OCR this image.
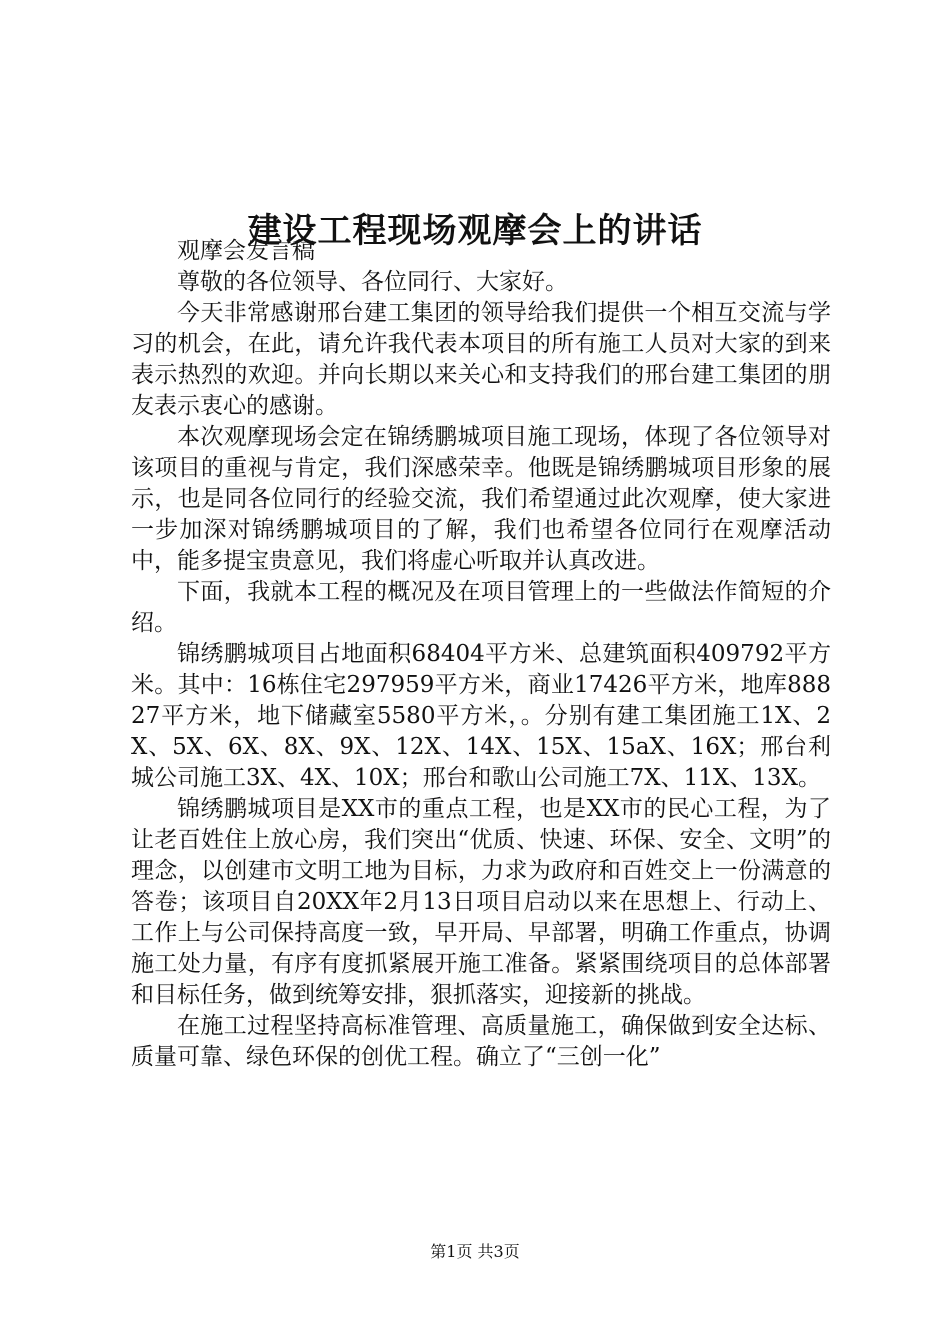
建设工程现场观摩会上的讲话

观摩会发言稿

尊敬的各位领导、各位同行、大家好。

今天非常感谢邢台建工集团的领导给我们提供一个相互交流与学习的机会，在此，请允许我代表本项目的所有施工人员对大家的到来表示热烈的欢迎。并向长期以来关心和支持我们的邢台建工集团的朋友表示衷心的感谢。

本次观摩现场会定在锦绣鹏城项目施工现场，体现了各位领导对该项目的重视与肯定，我们深感荣幸。他既是锦绣鹏城项目形象的展示，也是同各位同行的经验交流，我们希望通过此次观摩，使大家进一步加深对锦绣鹏城项目的了解，我们也希望各位同行在观摩活动中，能多提宝贵意见，我们将虚心听取并认真改进。

下面，我就本工程的概况及在项目管理上的一些做法作简短的介绍。

锦绣鹏城项目占地面积68404平方米、总建筑面积409792平方米。其中：16栋住宅297959平方米，商业17426平方米，地库88827平方米，地下储藏室5580平方米，。分别有建工集团施工1X、2X、5X、6X、8X、9X、12X、14X、15X、15aX、16X；邢台利城公司施工3X、4X、10X；邢台和歌山公司施工7X、11X、13X。

锦绣鹏城项目是XX市的重点工程，也是XX市的民心工程，为了让老百姓住上放心房，我们突出“优质、快速、环保、安全、文明”的理念，以创建市文明工地为目标，力求为政府和百姓交上一份满意的答卷；该项目自20XX年2月13日项目启动以来在思想上、行动上、工作上与公司保持高度一致，早开局、早部署，明确工作重点，协调施工处力量，有序有度抓紧展开施工准备。紧紧围绕项目的总体部署和目标任务，做到统筹安排，狠抓落实，迎接新的挑战。

在施工过程坚持高标准管理、高质量施工，确保做到安全达标、质量可靠、绿色环保的创优工程。确立了“三创一化”

第1页 共3页
